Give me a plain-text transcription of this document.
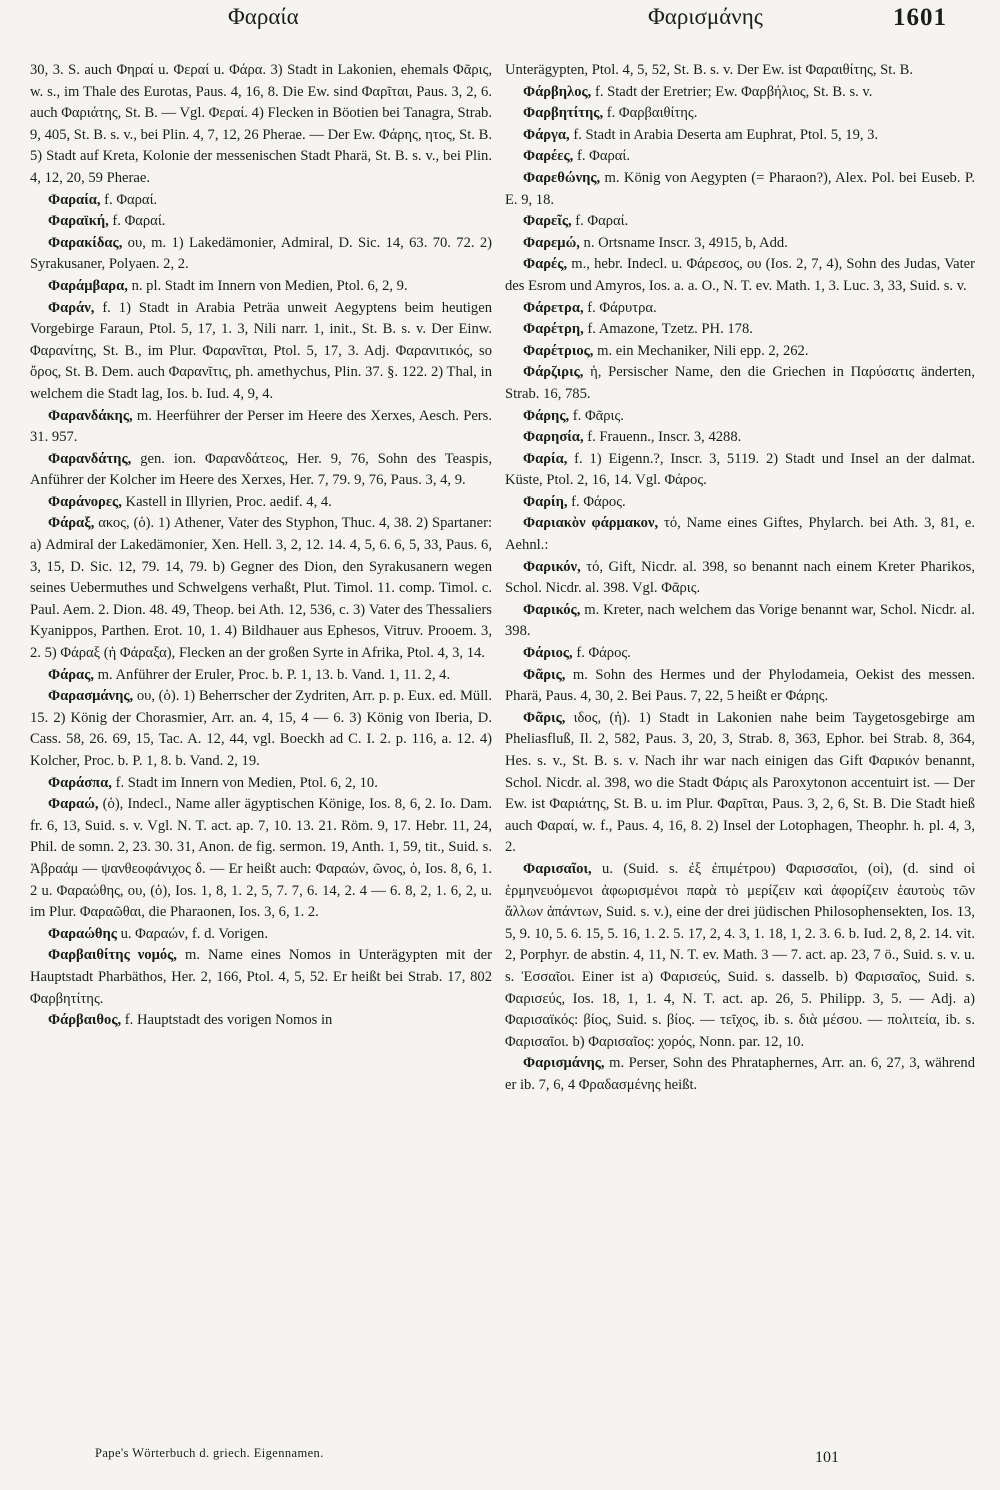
Φαραία	Φαρισμάνης	1601

30, 3. S. auch Φηραί u. Φεραί u. Φάρα. 3) Stadt in Lakonien, ehemals Φᾶρις, w. s., im Thale des Eurotas, Paus. 4, 16, 8. Die Ew. sind Φαρῖται, Paus. 3, 2, 6. auch Φαριάτης, St. B. — Vgl. Φεραί. 4) Flecken in Böotien bei Tanagra, Strab. 9, 405, St. B. s. v., bei Plin. 4, 7, 12, 26 Pherae. — Der Ew. Φάρης, ητος, St. B. 5) Stadt auf Kreta, Kolonie der messenischen Stadt Pharä, St. B. s. v., bei Plin. 4, 12, 20, 59 Pherae.

Φαραία, f. Φαραί.

Φαραϊκή, f. Φαραί.

Φαρακίδας, ου, m. 1) Lakedämonier, Admiral, D. Sic. 14, 63. 70. 72. 2) Syrakusaner, Polyaen. 2, 2.

Φαράμβαρα, n. pl. Stadt im Innern von Medien, Ptol. 6, 2, 9.

Φαράν, f. 1) Stadt in Arabia Peträa unweit Aegyptens beim heutigen Vorgebirge Faraun, Ptol. 5, 17, 1. 3, Nili narr. 1, init., St. B. s. v. Der Einw. Φαρανίτης, St. B., im Plur. Φαρανῖται, Ptol. 5, 17, 3. Adj. Φαρανιτικός, so ὄρος, St. B. Dem. auch Φαρανῖτις, ph. amethychus, Plin. 37. §. 122. 2) Thal, in welchem die Stadt lag, Ios. b. Iud. 4, 9, 4.

Φαρανδάκης, m. Heerführer der Perser im Heere des Xerxes, Aesch. Pers. 31. 957.

Φαρανδάτης, gen. ion. Φαρανδάτεος, Her. 9, 76, Sohn des Teaspis, Anführer der Kolcher im Heere des Xerxes, Her. 7, 79. 9, 76, Paus. 3, 4, 9.

Φαράνορες, Kastell in Illyrien, Proc. aedif. 4, 4.

Φάραξ, ακος, (ὁ). 1) Athener, Vater des Styphon, Thuc. 4, 38. 2) Spartaner: a) Admiral der Lakedämonier, Xen. Hell. 3, 2, 12. 14. 4, 5, 6. 6, 5, 33, Paus. 6, 3, 15, D. Sic. 12, 79. 14, 79. b) Gegner des Dion, den Syrakusanern wegen seines Uebermuthes und Schwelgens verhaßt, Plut. Timol. 11. comp. Timol. c. Paul. Aem. 2. Dion. 48. 49, Theop. bei Ath. 12, 536, c. 3) Vater des Thessaliers Kyanippos, Parthen. Erot. 10, 1. 4) Bildhauer aus Ephesos, Vitruv. Prooem. 3, 2. 5) Φάραξ (ἡ Φάραξα), Flecken an der großen Syrte in Afrika, Ptol. 4, 3, 14.

Φάρας, m. Anführer der Eruler, Proc. b. P. 1, 13. b. Vand. 1, 11. 2, 4.

Φαρασμάνης, ου, (ὁ). 1) Beherrscher der Zydriten, Arr. p. p. Eux. ed. Müll. 15. 2) König der Chorasmier, Arr. an. 4, 15, 4 — 6. 3) König von Iberia, D. Cass. 58, 26. 69, 15, Tac. A. 12, 44, vgl. Boeckh ad C. I. 2. p. 116, a. 12. 4) Kolcher, Proc. b. P. 1, 8. b. Vand. 2, 19.

Φαράσπα, f. Stadt im Innern von Medien, Ptol. 6, 2, 10.

Φαραώ, (ὁ), Indecl., Name aller ägyptischen Könige, Ios. 8, 6, 2. Io. Dam. fr. 6, 13, Suid. s. v. Vgl. N. T. act. ap. 7, 10. 13. 21. Röm. 9, 17. Hebr. 11, 24, Phil. de somn. 2, 23. 30. 31, Anon. de fig. sermon. 19, Anth. 1, 59, tit., Suid. s. Ἀβραάμ — ψανθεοφάνιχος δ. — Er heißt auch: Φαραών, ῶνος, ὁ, Ios. 8, 6, 1. 2 u. Φαραώθης, ου, (ὁ), Ios. 1, 8, 1. 2, 5, 7. 7, 6. 14, 2. 4 — 6. 8, 2, 1. 6, 2, u. im Plur. Φαραῶθαι, die Pharaonen, Ios. 3, 6, 1. 2.

Φαραώθης u. Φαραών, f. d. Vorigen.

Φαρβαιθίτης νομός, m. Name eines Nomos in Unterägypten mit der Hauptstadt Pharbäthos, Her. 2, 166, Ptol. 4, 5, 52. Er heißt bei Strab. 17, 802 Φαρβητίτης.

Φάρβαιθος, f. Hauptstadt des vorigen Nomos in

Unterägypten, Ptol. 4, 5, 52, St. B. s. v. Der Ew. ist Φαραιθίτης, St. B.

Φάρβηλος, f. Stadt der Eretrier; Ew. Φαρβήλιος, St. B. s. v.

Φαρβητίτης, f. Φαρβαιθίτης.

Φάργα, f. Stadt in Arabia Deserta am Euphrat, Ptol. 5, 19, 3.

Φαρέες, f. Φαραί.

Φαρεθώνης, m. König von Aegypten (= Pharaon?), Alex. Pol. bei Euseb. P. E. 9, 18.

Φαρεῖς, f. Φαραί.

Φαρεμώ, n. Ortsname Inscr. 3, 4915, b, Add.

Φαρές, m., hebr. Indecl. u. Φάρεσος, ου (Ios. 2, 7, 4), Sohn des Judas, Vater des Esrom und Amyros, Ios. a. a. O., N. T. ev. Math. 1, 3. Luc. 3, 33, Suid. s. v.

Φάρετρα, f. Φάρυτρα.

Φαρέτρη, f. Amazone, Tzetz. PH. 178.

Φαρέτριος, m. ein Mechaniker, Nili epp. 2, 262.

Φάρζιρις, ἡ, Persischer Name, den die Griechen in Παρύσατις änderten, Strab. 16, 785.

Φάρης, f. Φᾶρις.

Φαρησία, f. Frauenn., Inscr. 3, 4288.

Φαρία, f. 1) Eigenn.?, Inscr. 3, 5119. 2) Stadt und Insel an der dalmat. Küste, Ptol. 2, 16, 14. Vgl. Φάρος.

Φαρίη, f. Φάρος.

Φαριακὸν φάρμακον, τό, Name eines Giftes, Phylarch. bei Ath. 3, 81, e. Aehnl.:

Φαρικόν, τό, Gift, Nicdr. al. 398, so benannt nach einem Kreter Pharikos, Schol. Nicdr. al. 398. Vgl. Φᾶρις.

Φαρικός, m. Kreter, nach welchem das Vorige benannt war, Schol. Nicdr. al. 398.

Φάριος, f. Φάρος.

Φᾶρις, m. Sohn des Hermes und der Phylodameia, Oekist des messen. Pharä, Paus. 4, 30, 2. Bei Paus. 7, 22, 5 heißt er Φάρης.

Φᾶρις, ιδος, (ἡ). 1) Stadt in Lakonien nahe beim Taygetosgebirge am Pheliasfluß, Il. 2, 582, Paus. 3, 20, 3, Strab. 8, 363, Ephor. bei Strab. 8, 364, Hes. s. v., St. B. s. v. Nach ihr war nach einigen das Gift Φαρικόν benannt, Schol. Nicdr. al. 398, wo die Stadt Φάρις als Paroxytonon accentuirt ist. — Der Ew. ist Φαριάτης, St. B. u. im Plur. Φαρῖται, Paus. 3, 2, 6, St. B. Die Stadt hieß auch Φαραί, w. f., Paus. 4, 16, 8. 2) Insel der Lotophagen, Theophr. h. pl. 4, 3, 2.

Φαρισαῖοι, u. (Suid. s. ἐξ ἐπιμέτρου) Φαρισσαῖοι, (οἱ), (d. sind οἱ ἑρμηνευόμενοι ἀφωρισμένοι παρὰ τὸ μερίζειν καὶ ἀφορίζειν ἑαυτοὺς τῶν ἄλλων ἁπάντων, Suid. s. v.), eine der drei jüdischen Philosophensekten, Ios. 13, 5, 9. 10, 5. 6. 15, 5. 16, 1. 2. 5. 17, 2, 4. 3, 1. 18, 1, 2. 3. 6. b. Iud. 2, 8, 2. 14. vit. 2, Porphyr. de abstin. 4, 11, N. T. ev. Math. 3 — 7. act. ap. 23, 7 ö., Suid. s. v. u. s. Ἐσσαῖοι. Einer ist a) Φαρισεύς, Suid. s. dasselb. b) Φαρισαῖος, Suid. s. Φαρισεύς, Ios. 18, 1, 1. 4, N. T. act. ap. 26, 5. Philipp. 3, 5. — Adj. a) Φαρισαϊκός: βίος, Suid. s. βίος. — τεῖχος, ib. s. διὰ μέσου. — πολιτεία, ib. s. Φαρισαῖοι. b) Φαρισαῖος: χορός, Nonn. par. 12, 10.

Φαρισμάνης, m. Perser, Sohn des Phrataphernes, Arr. an. 6, 27, 3, während er ib. 7, 6, 4 Φραδασμένης heißt.

Pape's Wörterbuch d. griech. Eigennamen.	101
